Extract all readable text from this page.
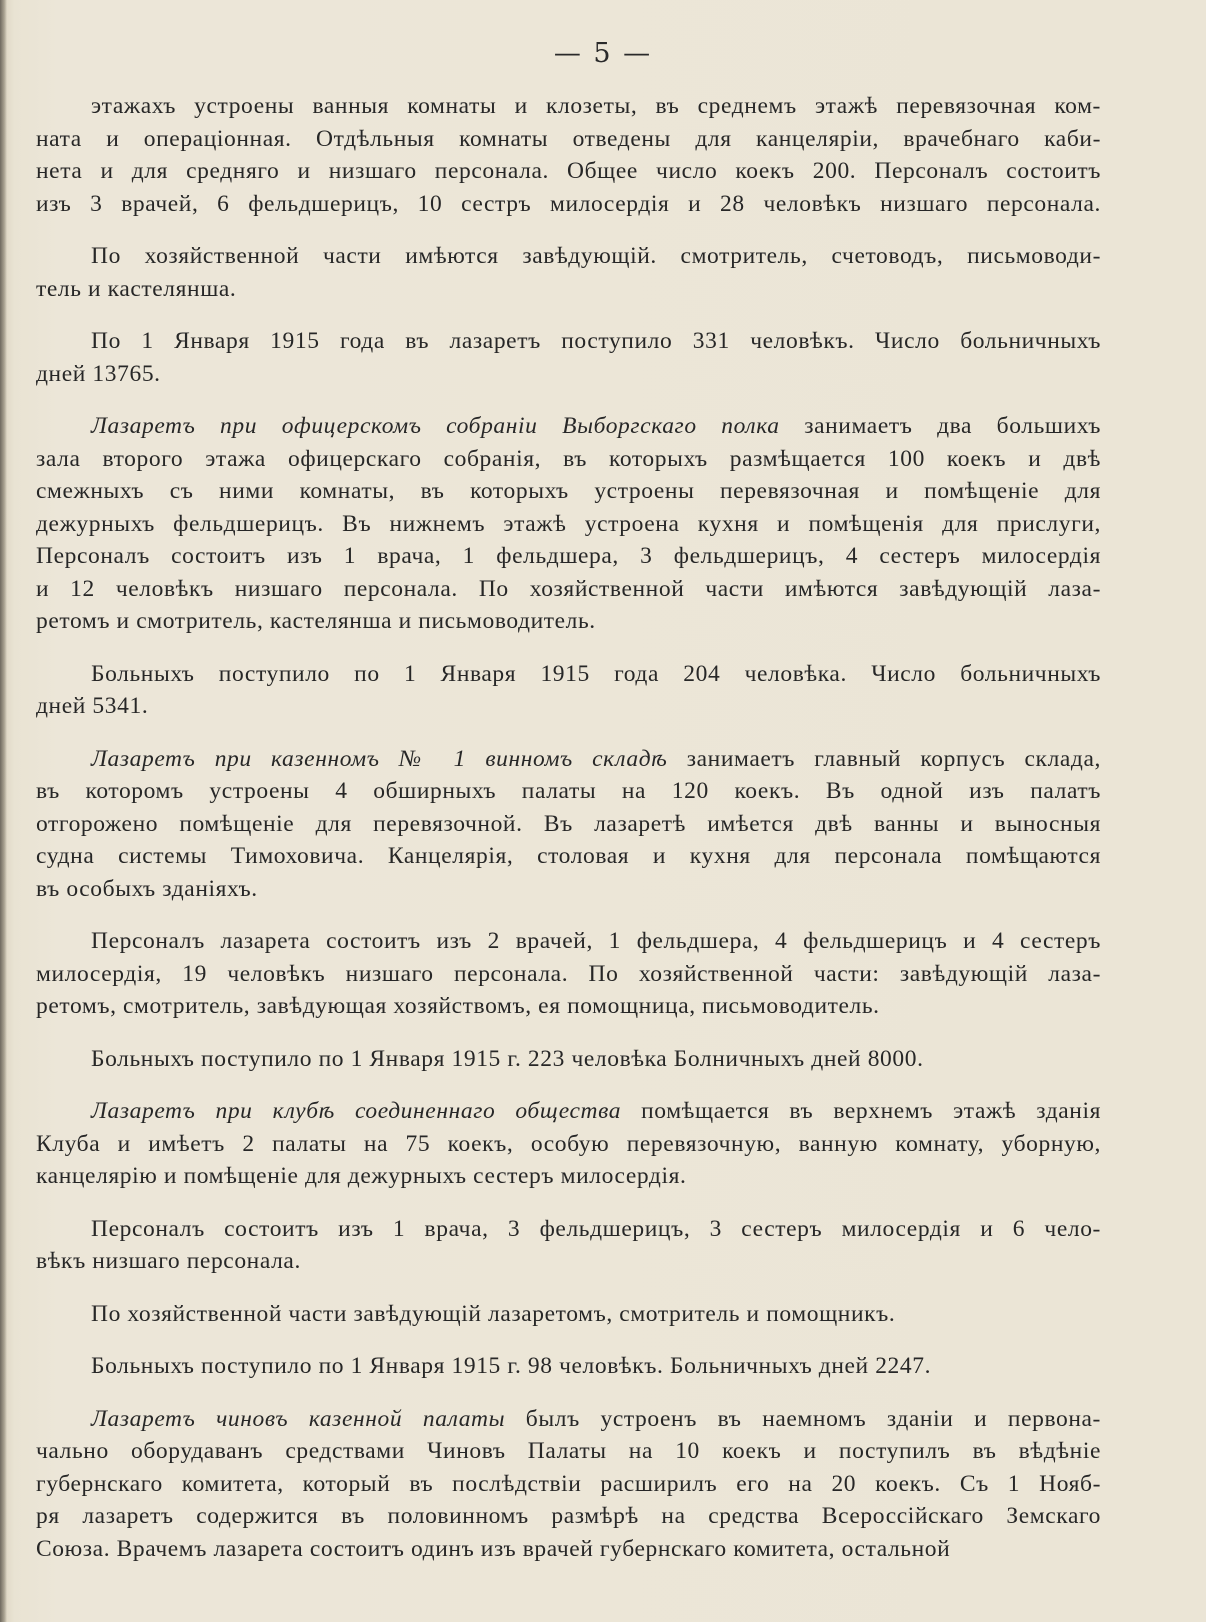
— 5 —
этажахъ устроены ванныя комнаты и клозеты, въ среднемъ этажѣ перевязочная ком-
ната и операціонная. Отдѣльныя комнаты отведены для канцеляріи, врачебнаго каби-
нета и для средняго и низшаго персонала. Общее число коекъ 200. Персоналъ состоитъ
изъ 3 врачей, 6 фельдшерицъ, 10 сестръ милосердія и 28 человѣкъ низшаго персонала.
По хозяйственной части имѣются завѣдующій. смотритель, счетоводъ, письмоводи-
тель и кастелянша.
По 1 Января 1915 года въ лазаретъ поступило 331 человѣкъ. Число больничныхъ
дней 13765.
Лазаретъ при офицерскомъ собраніи Выборгскаго полка занимаетъ два большихъ
зала второго этажа офицерскаго собранія, въ которыхъ размѣщается 100 коекъ и двѣ
смежныхъ съ ними комнаты, въ которыхъ устроены перевязочная и помѣщеніе для
дежурныхъ фельдшерицъ. Въ нижнемъ этажѣ устроена кухня и помѣщенія для прислуги,
Персоналъ состоитъ изъ 1 врача, 1 фельдшера, 3 фельдшерицъ, 4 сестеръ милосердія
и 12 человѣкъ низшаго персонала. По хозяйственной части имѣются завѣдующій лаза-
ретомъ и смотритель, кастелянша и письмоводитель.
Больныхъ поступило по 1 Января 1915 года 204 человѣка. Число больничныхъ
дней 5341.
Лазаретъ при казенномъ № 1 винномъ складѣ занимаетъ главный корпусъ склада,
въ которомъ устроены 4 обширныхъ палаты на 120 коекъ. Въ одной изъ палатъ
отгорожено помѣщеніе для перевязочной. Въ лазаретѣ имѣется двѣ ванны и выносныя
судна системы Тимоховича. Канцелярія, столовая и кухня для персонала помѣщаются
въ особыхъ зданіяхъ.
Персоналъ лазарета состоитъ изъ 2 врачей, 1 фельдшера, 4 фельдшерицъ и 4 сестеръ
милосердія, 19 человѣкъ низшаго персонала. По хозяйственной части: завѣдующій лаза-
ретомъ, смотритель, завѣдующая хозяйствомъ, ея помощница, письмоводитель.
Больныхъ поступило по 1 Января 1915 г. 223 человѣка Болничныхъ дней 8000.
Лазаретъ при клубѣ соединеннаго общества помѣщается въ верхнемъ этажѣ зданія
Клуба и имѣетъ 2 палаты на 75 коекъ, особую перевязочную, ванную комнату, уборную,
канцелярію и помѣщеніе для дежурныхъ сестеръ милосердія.
Персоналъ состоитъ изъ 1 врача, 3 фельдшерицъ, 3 сестеръ милосердія и 6 чело-
вѣкъ низшаго персонала.
По хозяйственной части завѣдующій лазаретомъ, смотритель и помощникъ.
Больныхъ поступило по 1 Января 1915 г. 98 человѣкъ. Больничныхъ дней 2247.
Лазаретъ чиновъ казенной палаты былъ устроенъ въ наемномъ зданіи и первона-
чально оборудаванъ средствами Чиновъ Палаты на 10 коекъ и поступилъ въ вѣдѣніе
губернскаго комитета, который въ послѣдствіи расширилъ его на 20 коекъ. Съ 1 Нояб-
ря лазаретъ содержится въ половинномъ размѣрѣ на средства Всероссійскаго Земскаго
Союза. Врачемъ лазарета состоитъ одинъ изъ врачей губернскаго комитета, остальной
